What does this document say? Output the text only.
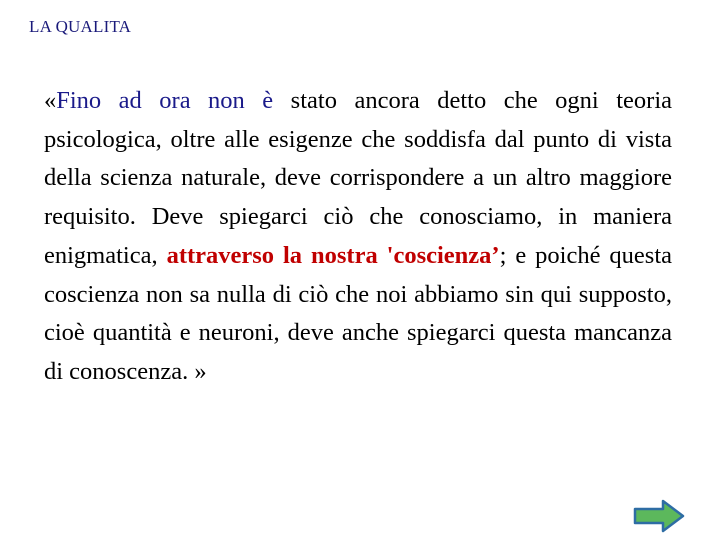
LA QUALITA
«Fino ad ora non è stato ancora detto che ogni teoria psicologica, oltre alle esigenze che soddisfa dal punto di vista della scienza naturale, deve corrispondere a un altro maggiore requisito. Deve spiegarci ciò che conosciamo, in maniera enigmatica, attraverso la nostra 'coscienza’; e poiché questa coscienza non sa nulla di ciò che noi abbiamo sin qui supposto, cioè quantità e neuroni, deve anche spiegarci questa mancanza di conoscenza. »
